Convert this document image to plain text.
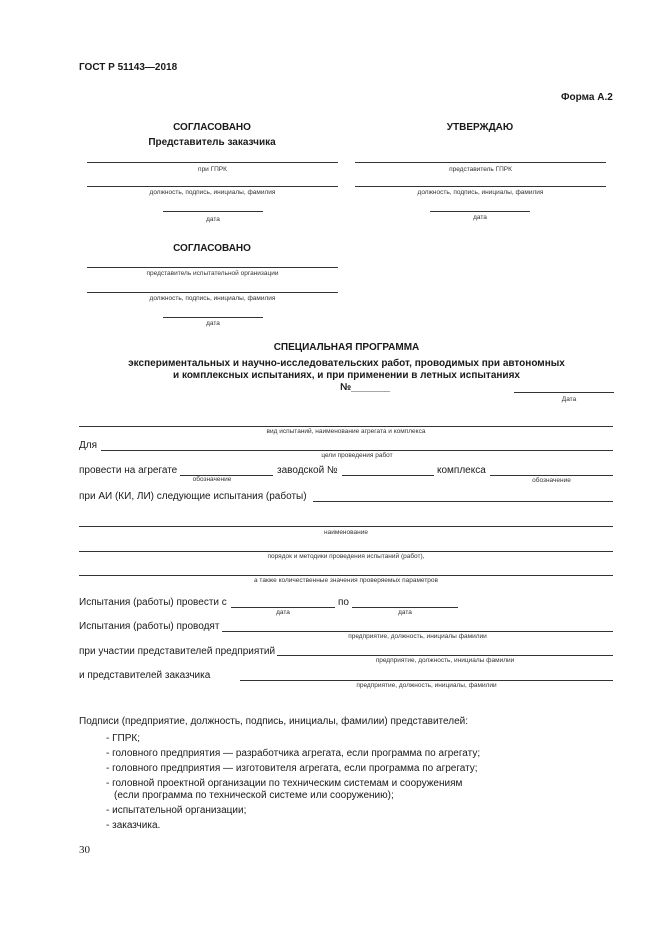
ГОСТ Р 51143—2018
Форма А.2
СОГЛАСОВАНО
Представитель заказчика
при ГПРК
должность, подпись, инициалы, фамилия
дата
УТВЕРЖДАЮ
представитель ГПРК
должность, подпись, инициалы, фамилия
дата
СОГЛАСОВАНО
представитель испытательной организации
должность, подпись, инициалы, фамилия
дата
СПЕЦИАЛЬНАЯ ПРОГРАММА
экспериментальных и научно-исследовательских работ, проводимых при автономных
и комплексных испытаниях, и при применении в летных испытаниях
№_______
Дата
вид испытаний, наименование агрегата и комплекса
Для
цели проведения работ
провести на агрегате
обозначение
заводской №	комплекса
обозначение
при АИ (КИ, ЛИ) следующие испытания (работы)
наименование
порядок и методики проведения испытаний (работ),
а также количественные значения проверяемых параметров
Испытания (работы) провести с
дата
по
дата
Испытания (работы) проводят
предприятие, должность, инициалы фамилии
при участии представителей предприятий
предприятие, должность, инициалы фамилии
и представителей заказчика
предприятие, должность, инициалы, фамилии
Подписи (предприятие, должность, подпись, инициалы, фамилии) представителей:
- ГПРК;
- головного предприятия — разработчика агрегата, если программа по агрегату;
- головного предприятия — изготовителя агрегата, если программа по агрегату;
- головной проектной организации по техническим системам и сооружениям
(если программа по технической системе или сооружению);
- испытательной организации;
- заказчика.
30
